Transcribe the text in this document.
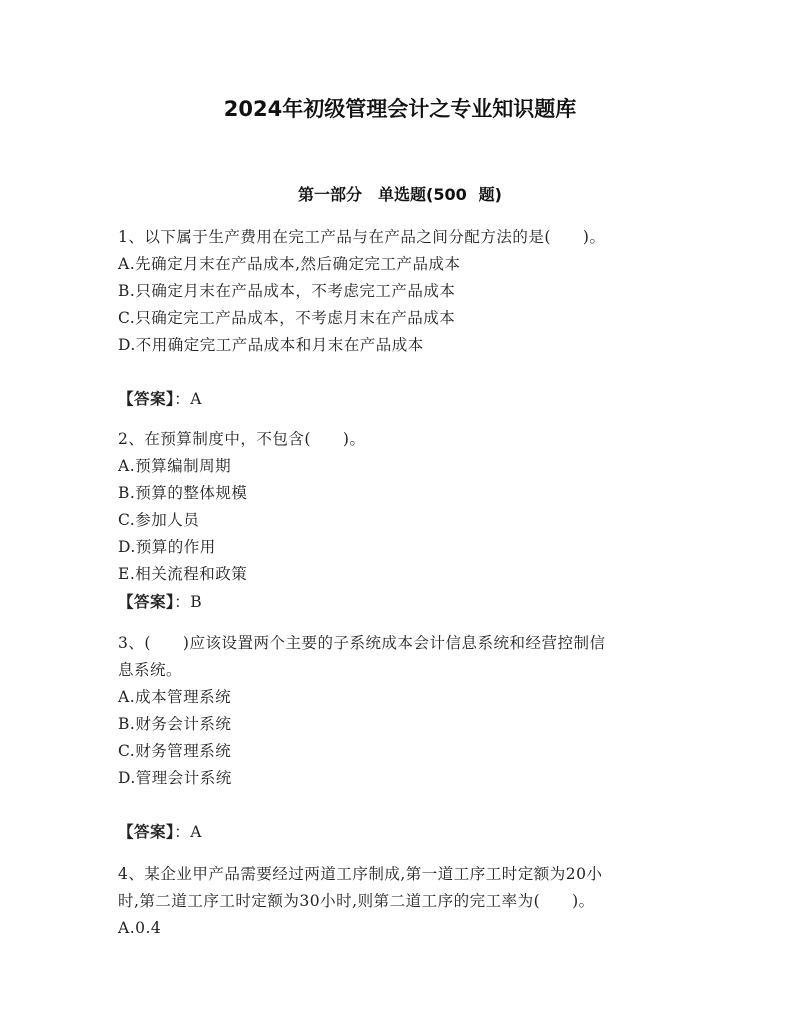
2024年初级管理会计之专业知识题库
第一部分　单选题(500 题)
1、以下属于生产费用在完工产品与在产品之间分配方法的是(　　)。
A.先确定月末在产品成本,然后确定完工产品成本
B.只确定月末在产品成本，不考虑完工产品成本
C.只确定完工产品成本，不考虑月末在产品成本
D.不用确定完工产品成本和月末在产品成本
【答案】：A
2、在预算制度中，不包含(　　)。
A.预算编制周期
B.预算的整体规模
C.参加人员
D.预算的作用
E.相关流程和政策
【答案】：B
3、(　　)应该设置两个主要的子系统成本会计信息系统和经营控制信
息系统。
A.成本管理系统
B.财务会计系统
C.财务管理系统
D.管理会计系统
【答案】：A
4、某企业甲产品需要经过两道工序制成,第一道工序工时定额为20小
时,第二道工序工时定额为30小时,则第二道工序的完工率为(　　)。
A.0.4
